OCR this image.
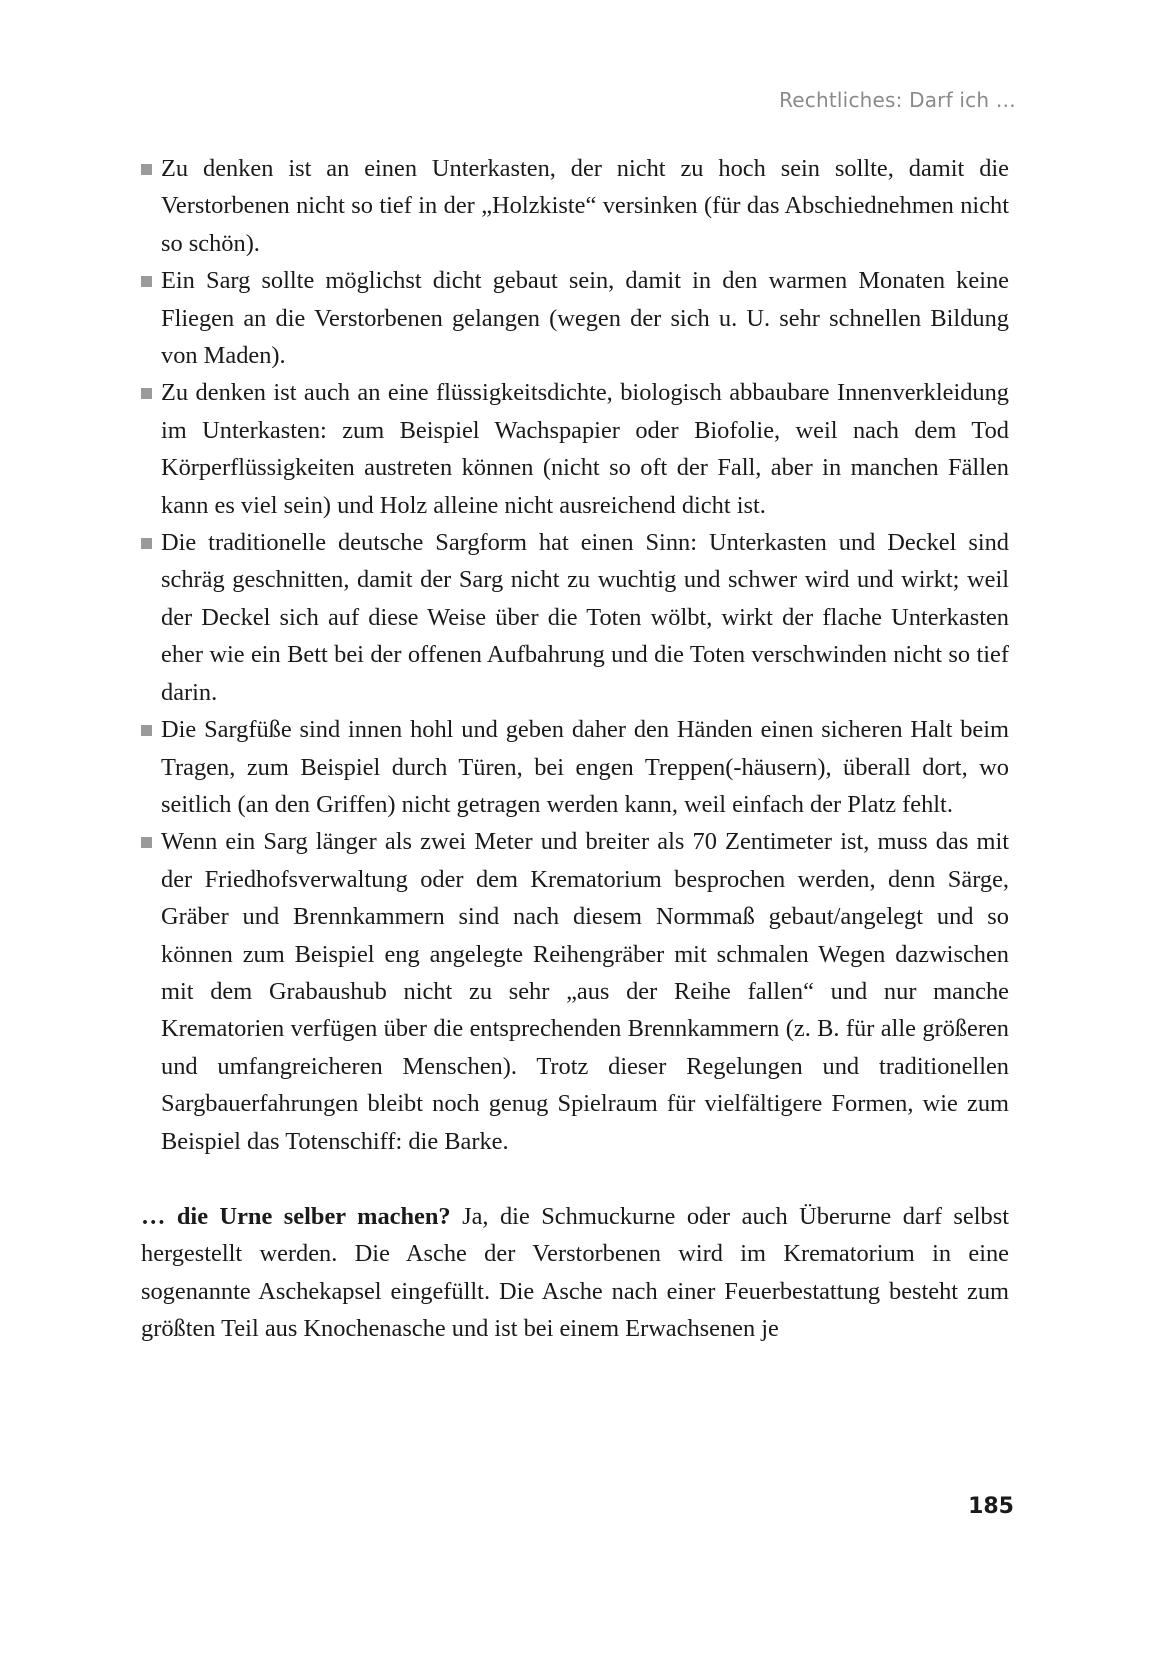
Rechtliches: Darf ich …
Zu denken ist an einen Unterkasten, der nicht zu hoch sein sollte, damit die Verstorbenen nicht so tief in der „Holzkiste“ versinken (für das Abschiednehmen nicht so schön).
Ein Sarg sollte möglichst dicht gebaut sein, damit in den warmen Monaten keine Fliegen an die Verstorbenen gelangen (wegen der sich u. U. sehr schnellen Bildung von Maden).
Zu denken ist auch an eine flüssigkeitsdichte, biologisch abbaubare Innenverkleidung im Unterkasten: zum Beispiel Wachspapier oder Biofolie, weil nach dem Tod Körperflüssigkeiten austreten können (nicht so oft der Fall, aber in manchen Fällen kann es viel sein) und Holz alleine nicht ausreichend dicht ist.
Die traditionelle deutsche Sargform hat einen Sinn: Unterkasten und Deckel sind schräg geschnitten, damit der Sarg nicht zu wuchtig und schwer wird und wirkt; weil der Deckel sich auf diese Weise über die Toten wölbt, wirkt der flache Unterkasten eher wie ein Bett bei der offenen Aufbahrung und die Toten verschwinden nicht so tief darin.
Die Sargfüße sind innen hohl und geben daher den Händen einen sicheren Halt beim Tragen, zum Beispiel durch Türen, bei engen Treppen(-häusern), überall dort, wo seitlich (an den Griffen) nicht getragen werden kann, weil einfach der Platz fehlt.
Wenn ein Sarg länger als zwei Meter und breiter als 70 Zentimeter ist, muss das mit der Friedhofsverwaltung oder dem Krematorium besprochen werden, denn Särge, Gräber und Brennkammern sind nach diesem Normmaß gebaut/angelegt und so können zum Beispiel eng angelegte Reihengräber mit schmalen Wegen dazwischen mit dem Grabaushub nicht zu sehr „aus der Reihe fallen“ und nur manche Krematorien verfügen über die entsprechenden Brennkammern (z. B. für alle größeren und umfangreicheren Menschen). Trotz dieser Regelungen und traditionellen Sargbauerfahrungen bleibt noch genug Spielraum für vielfältigere Formen, wie zum Beispiel das Totenschiff: die Barke.

… die Urne selber machen? Ja, die Schmuckurne oder auch Überurne darf selbst hergestellt werden. Die Asche der Verstorbenen wird im Krematorium in eine sogenannte Aschekapsel eingefüllt. Die Asche nach einer Feuerbestattung besteht zum größten Teil aus Knochenasche und ist bei einem Erwachsenen je

185
